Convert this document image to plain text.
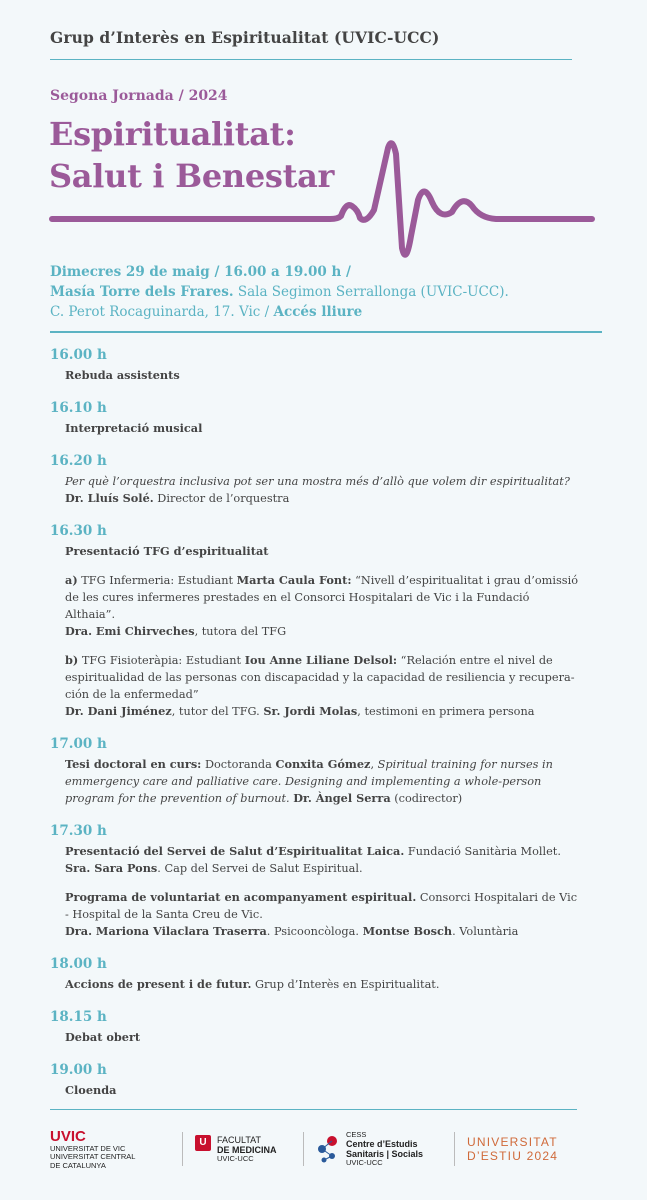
Grup d’Interès en Espiritualitat (UVIC-UCC)
Segona Jornada / 2024
Espiritualitat:
Salut i Benestar
Dimecres 29 de maig / 16.00 a 19.00 h /
Masía Torre dels Frares. Sala Segimon Serrallonga (UVIC-UCC).
C. Perot Rocaguinarda, 17. Vic / Accés lliure
16.00 h
Rebuda assistents
16.10 h
Interpretació musical
16.20 h
Per què l’orquestra inclusiva pot ser una mostra més d’allò que volem dir espiritualitat?
Dr. Lluís Solé. Director de l’orquestra
16.30 h
Presentació TFG d’espiritualitat
a) TFG Infermeria: Estudiant Marta Caula Font: “Nivell d’espiritualitat i grau d’omissió de les cures infermeres prestades en el Consorci Hospitalari de Vic i la Fundació Althaia”.
Dra. Emi Chirveches, tutora del TFG
b) TFG Fisioteràpia: Estudiant Iou Anne Liliane Delsol: “Relación entre el nivel de espiritualidad de las personas con discapacidad y la capacidad de resiliencia y recupera-ción de la enfermedad”
Dr. Dani Jiménez, tutor del TFG. Sr. Jordi Molas, testimoni en primera persona
17.00 h
Tesi doctoral en curs: Doctoranda Conxita Gómez, Spiritual training for nurses in emmergency care and palliative care. Designing and implementing a whole-person program for the prevention of burnout. Dr. Àngel Serra (codirector)
17.30 h
Presentació del Servei de Salut d’Espiritualitat Laica. Fundació Sanitària Mollet.
Sra. Sara Pons. Cap del Servei de Salut Espiritual.
Programa de voluntariat en acompanyament espiritual. Consorci Hospitalari de Vic - Hospital de la Santa Creu de Vic.
Dra. Mariona Vilaclara Traserra. Psicooncòloga. Montse Bosch. Voluntària
18.00 h
Accions de present i de futur. Grup d’Interès en Espiritualitat.
18.15 h
Debat obert
19.00 h
Cloenda
UVIC
UNIVERSITAT DE VIC
UNIVERSITAT CENTRAL
DE CATALUNYA
U	FACULTAT
DE MEDICINA
UVIC-UCC
CESS
Centre d’Estudis
Sanitaris | Socials
UVIC-UCC
UNIVERSITAT
D’ESTIU 2024
